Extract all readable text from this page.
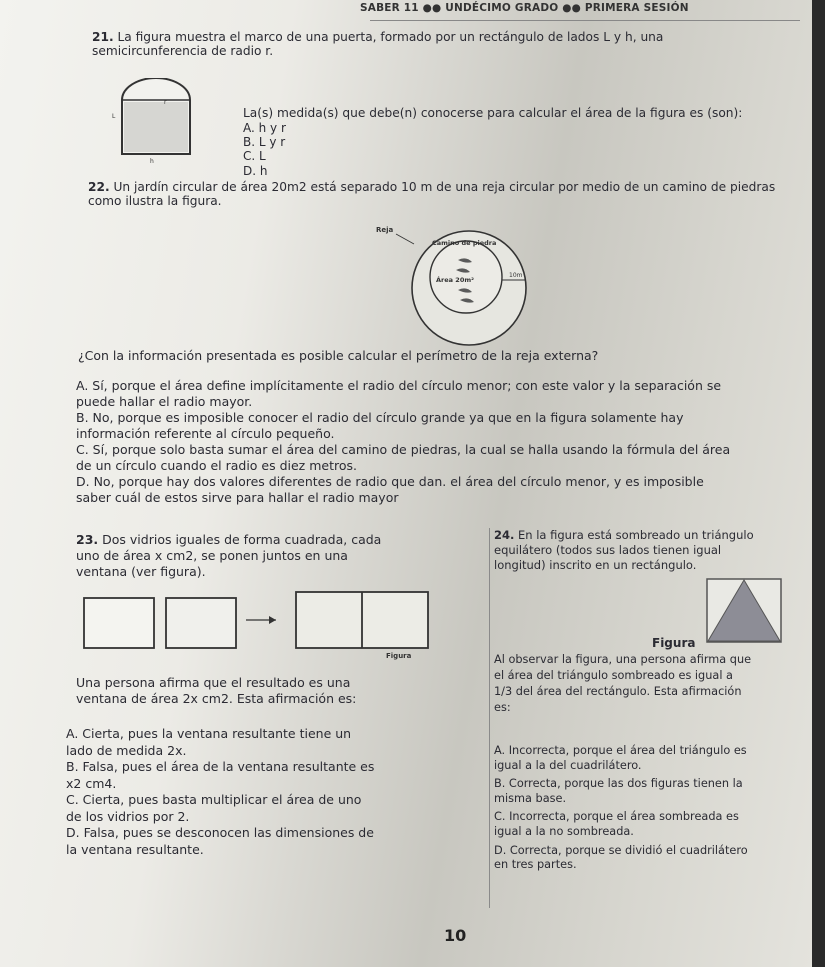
SABER 11 ●● UNDÉCIMO GRADO ●● PRIMERA SESIÓN
21. La figura muestra el marco de una puerta, formado por un rectángulo de lados L y h, una semicircunferencia de radio r.
r
L
h
La(s) medida(s) que debe(n) conocerse para calcular el área de la figura es (son):
A. h y r
B. L y r
C. L
D. h
22. Un jardín circular de área 20m2 está separado 10 m de una reja circular por medio de un camino de piedras como ilustra la figura.
Reja
Camino de piedra
Área 20m²
10m
¿Con la información presentada es posible calcular el perímetro de la reja externa?
A. Sí, porque el área define implícitamente el radio del círculo menor; con este valor y la separación se
puede hallar el radio mayor.
B. No, porque es imposible conocer el radio del círculo grande ya que en la figura solamente hay
información referente al círculo pequeño.
C. Sí, porque solo basta sumar el área del camino de piedras, la cual se halla usando la fórmula del área
de un círculo cuando el radio es diez metros.
D. No, porque hay dos valores diferentes de radio que dan. el área del círculo menor, y es imposible
saber cuál de estos sirve para hallar el radio mayor
23. Dos vidrios iguales de forma cuadrada, cada
uno de área x cm2, se ponen juntos en una
ventana (ver figura).
Figura
Una persona afirma que el resultado es una
ventana de área 2x cm2. Esta afirmación es:
A. Cierta, pues la ventana resultante tiene un
lado de medida 2x.
B. Falsa, pues el área de la ventana resultante es
x2 cm4.
C. Cierta, pues basta multiplicar el área de uno
de los vidrios por 2.
D. Falsa, pues se desconocen las dimensiones de
la ventana resultante.
24. En la figura está sombreado un triángulo
equilátero (todos sus lados tienen igual
longitud) inscrito en un rectángulo.
Figura
Al observar la figura, una persona afirma que
el área del triángulo sombreado es igual a
1/3 del área del rectángulo. Esta afirmación
es:
A. Incorrecta, porque el área del triángulo es
igual a la del cuadrilátero.
B. Correcta, porque las dos figuras tienen la
misma base.
C. Incorrecta, porque el área sombreada es
igual a la no sombreada.
D. Correcta, porque se dividió el cuadrilátero
en tres partes.
10
